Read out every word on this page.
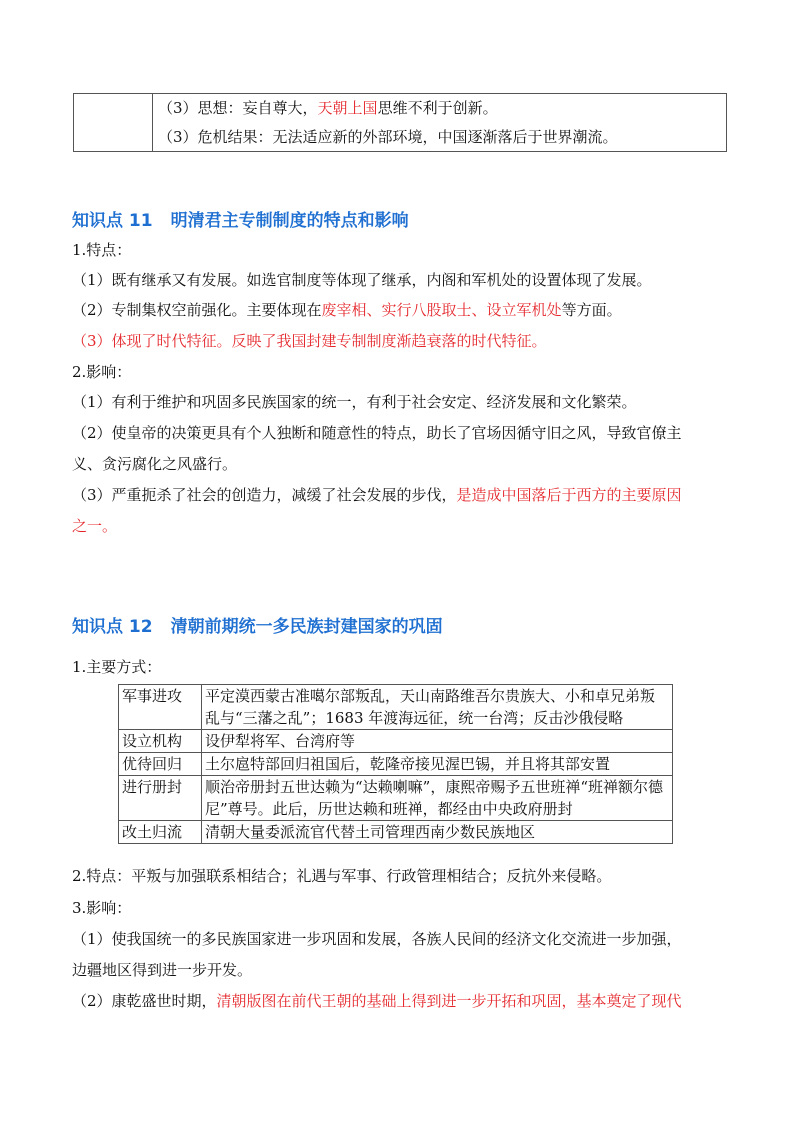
（3）思想：妄自尊大，天朝上国思维不利于创新。
（3）危机结果：无法适应新的外部环境，中国逐渐落后于世界潮流。
知识点 11 明清君主专制制度的特点和影响
1.特点：
（1）既有继承又有发展。如选官制度等体现了继承，内阁和军机处的设置体现了发展。
（2）专制集权空前强化。主要体现在废宰相、实行八股取士、设立军机处等方面。
（3）体现了时代特征。反映了我国封建专制制度渐趋衰落的时代特征。
2.影响：
（1）有利于维护和巩固多民族国家的统一，有利于社会安定、经济发展和文化繁荣。
（2）使皇帝的决策更具有个人独断和随意性的特点，助长了官场因循守旧之风，导致官僚主
义、贪污腐化之风盛行。
（3）严重扼杀了社会的创造力，减缓了社会发展的步伐，是造成中国落后于西方的主要原因
之一。
知识点 12 清朝前期统一多民族封建国家的巩固
1.主要方式：
军事进攻	平定漠西蒙古准噶尔部叛乱，天山南路维吾尔贵族大、小和卓兄弟叛乱与“三藩之乱”；1683 年渡海远征，统一台湾；反击沙俄侵略
设立机构	设伊犁将军、台湾府等
优待回归	土尔扈特部回归祖国后，乾隆帝接见渥巴锡，并且将其部安置
进行册封	顺治帝册封五世达赖为“达赖喇嘛”，康熙帝赐予五世班禅“班禅额尔德尼”尊号。此后，历世达赖和班禅，都经由中央政府册封
改土归流	清朝大量委派流官代替土司管理西南少数民族地区
2.特点：平叛与加强联系相结合；礼遇与军事、行政管理相结合；反抗外来侵略。
3.影响：
（1）使我国统一的多民族国家进一步巩固和发展，各族人民间的经济文化交流进一步加强，
边疆地区得到进一步开发。
（2）康乾盛世时期，清朝版图在前代王朝的基础上得到进一步开拓和巩固，基本奠定了现代
